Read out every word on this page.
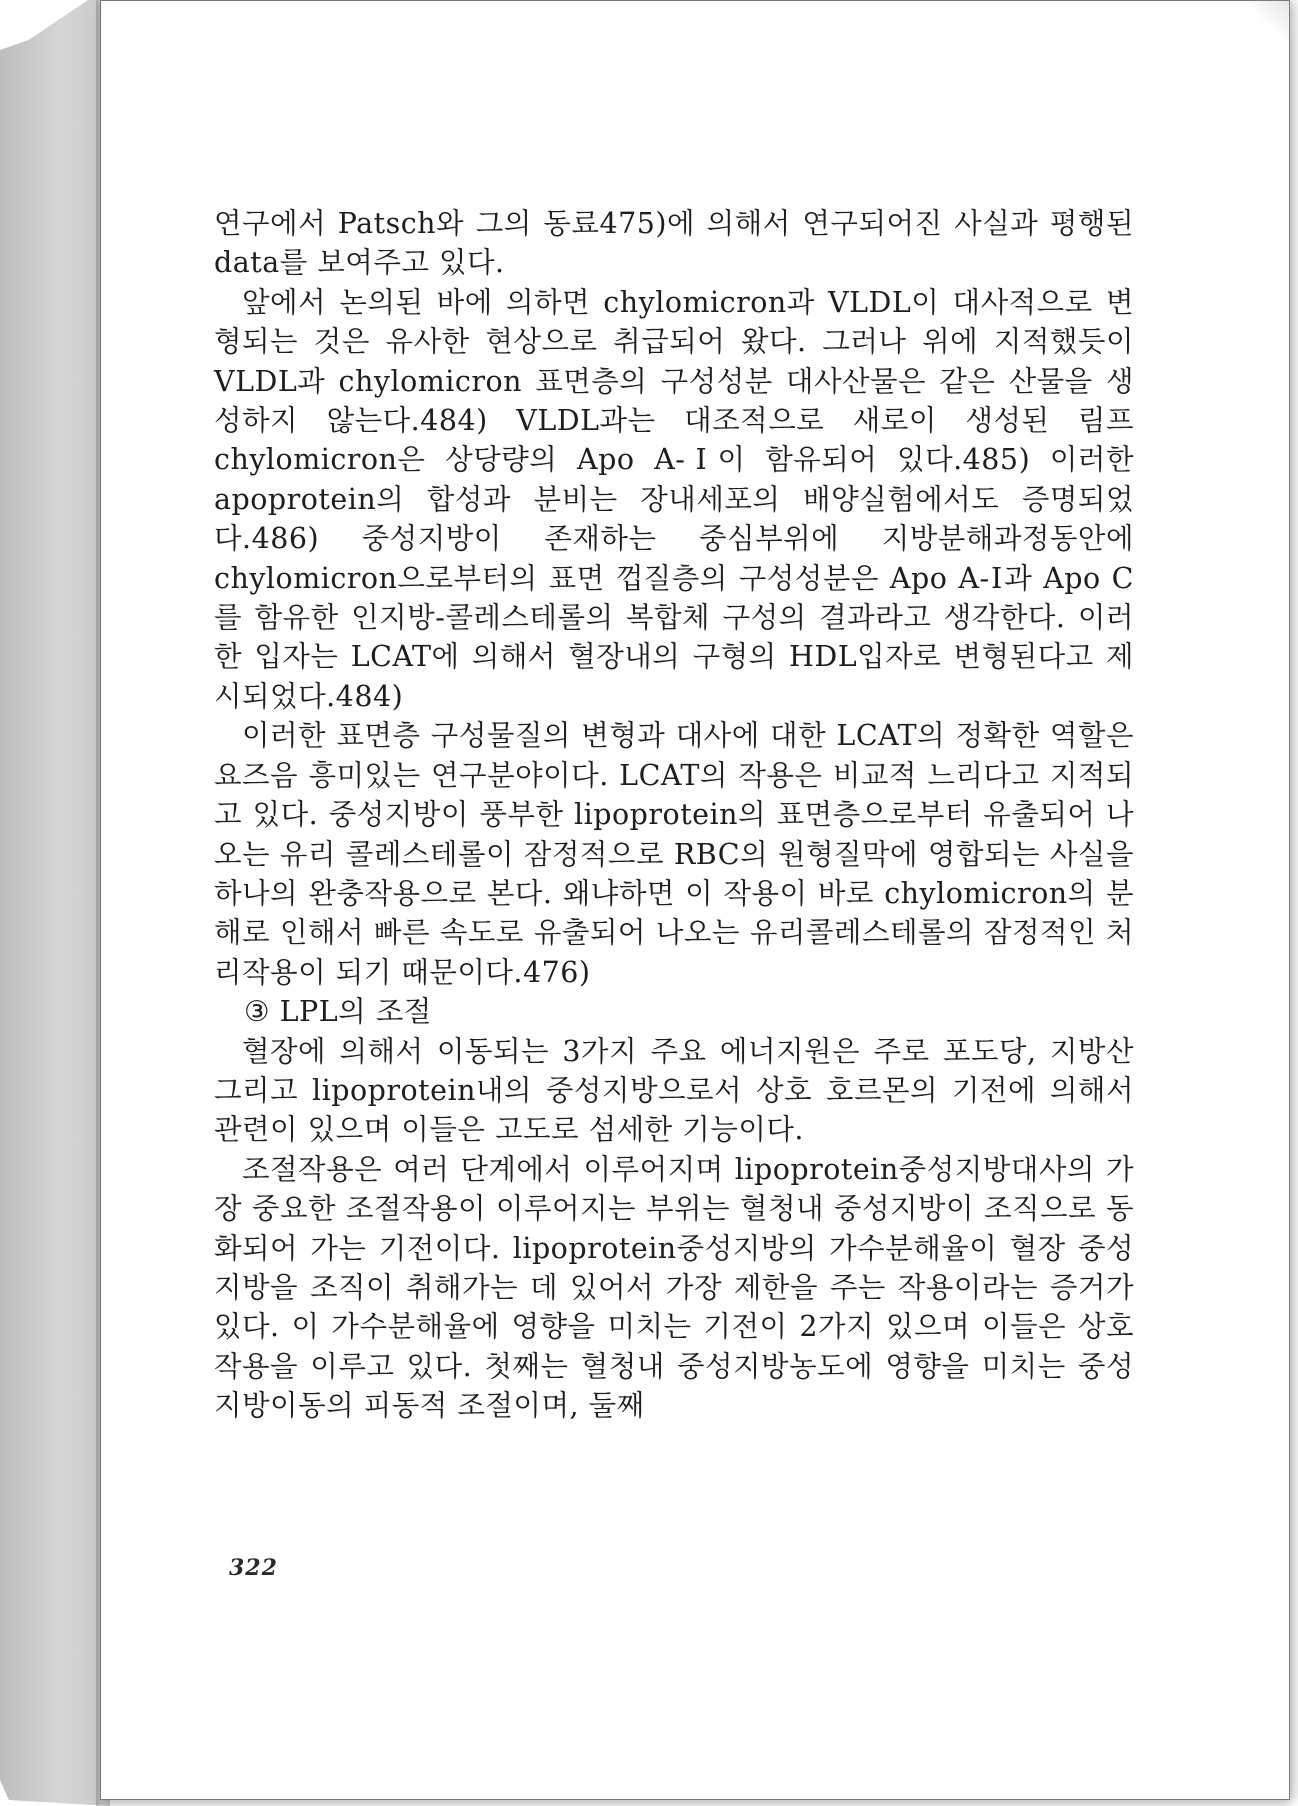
연구에서 Patsch와 그의 동료475)에 의해서 연구되어진 사실과 평행된 data를 보여주고 있다.

앞에서 논의된 바에 의하면 chylomicron과 VLDL이 대사적으로 변형되는 것은 유사한 현상으로 취급되어 왔다. 그러나 위에 지적했듯이 VLDL과 chylomicron 표면층의 구성성분 대사산물은 같은 산물을 생성하지 않는다.484) VLDL과는 대조적으로 새로이 생성된 림프 chylomicron은 상당량의 Apo A-Ⅰ이 함유되어 있다.485) 이러한 apoprotein의 합성과 분비는 장내세포의 배양실험에서도 증명되었다.486) 중성지방이 존재하는 중심부위에 지방분해과정동안에 chylomicron으로부터의 표면 껍질층의 구성성분은 Apo A-Ⅰ과 Apo C를 함유한 인지방-콜레스테롤의 복합체 구성의 결과라고 생각한다. 이러한 입자는 LCAT에 의해서 혈장내의 구형의 HDL입자로 변형된다고 제시되었다.484)

이러한 표면층 구성물질의 변형과 대사에 대한 LCAT의 정확한 역할은 요즈음 흥미있는 연구분야이다. LCAT의 작용은 비교적 느리다고 지적되고 있다. 중성지방이 풍부한 lipoprotein의 표면층으로부터 유출되어 나오는 유리 콜레스테롤이 잠정적으로 RBC의 원형질막에 영합되는 사실을 하나의 완충작용으로 본다. 왜냐하면 이 작용이 바로 chylomicron의 분해로 인해서 빠른 속도로 유출되어 나오는 유리콜레스테롤의 잠정적인 처리작용이 되기 때문이다.476)

③ LPL의 조절

혈장에 의해서 이동되는 3가지 주요 에너지원은 주로 포도당, 지방산 그리고 lipoprotein내의 중성지방으로서 상호 호르몬의 기전에 의해서 관련이 있으며 이들은 고도로 섬세한 기능이다.

조절작용은 여러 단계에서 이루어지며 lipoprotein중성지방대사의 가장 중요한 조절작용이 이루어지는 부위는 혈청내 중성지방이 조직으로 동화되어 가는 기전이다. lipoprotein중성지방의 가수분해율이 혈장 중성지방을 조직이 취해가는 데 있어서 가장 제한을 주는 작용이라는 증거가 있다. 이 가수분해율에 영향을 미치는 기전이 2가지 있으며 이들은 상호작용을 이루고 있다. 첫째는 혈청내 중성지방농도에 영향을 미치는 중성지방이동의 피동적 조절이며, 둘째

322
